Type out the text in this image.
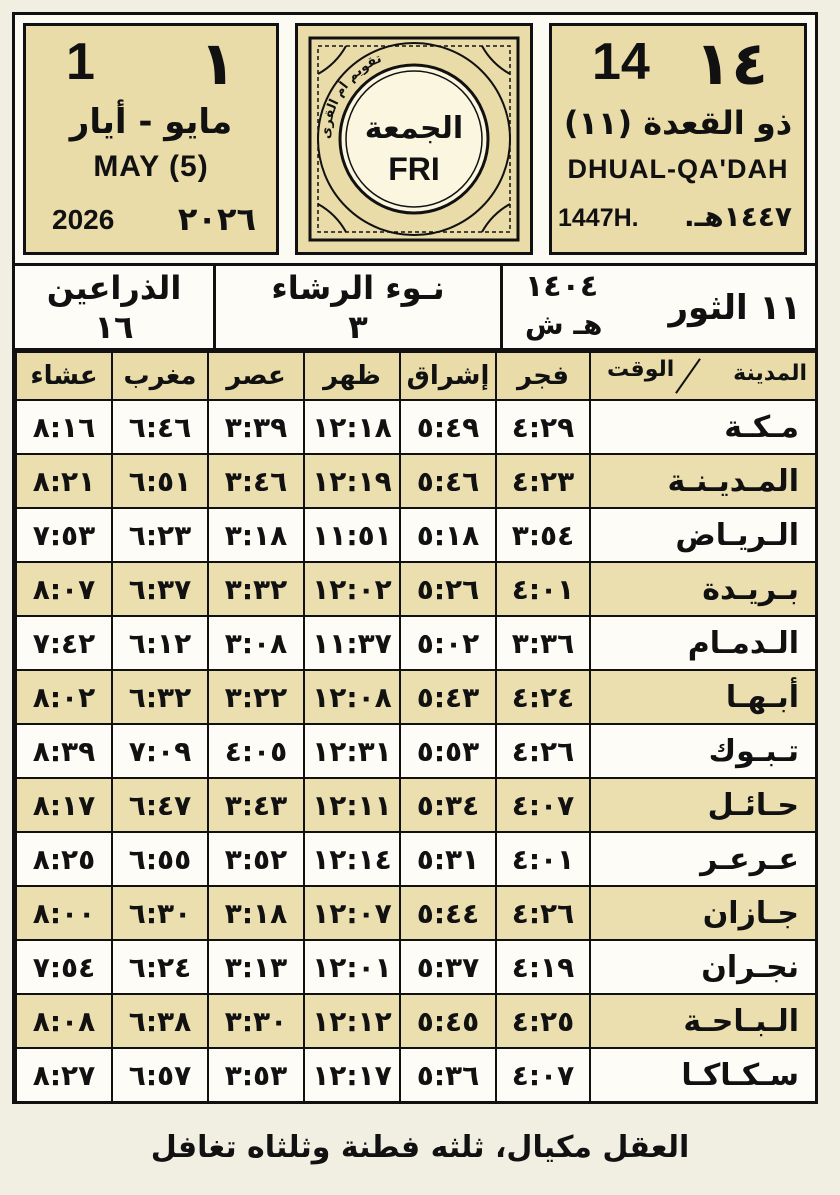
1 ١
مايو - أيار
MAY (5)
2026 ٢٠٢٦
تقويم أم القرى
الجمعة
FRI
14 ١٤
ذو القعدة (١١)
DHUAL-QA'DAH
1447H. ١٤٤٧هـ.
الذراعين
١٦
نـوء الرشاء
٣	١١ الثور
١٤٠٤
هـ ش
عشاء	مغرب	عصر	ظهر	إشراق	فجر	المدينة
الوقت

٨:١٦	٦:٤٦	٣:٣٩	١٢:١٨	٥:٤٩	٤:٢٩	مـكـة
٨:٢١	٦:٥١	٣:٤٦	١٢:١٩	٥:٤٦	٤:٢٣	المـديـنـة
٧:٥٣	٦:٢٣	٣:١٨	١١:٥١	٥:١٨	٣:٥٤	الـريـاض
٨:٠٧	٦:٣٧	٣:٣٢	١٢:٠٢	٥:٢٦	٤:٠١	بـريـدة
٧:٤٢	٦:١٢	٣:٠٨	١١:٣٧	٥:٠٢	٣:٣٦	الـدمـام
٨:٠٢	٦:٣٢	٣:٢٢	١٢:٠٨	٥:٤٣	٤:٢٤	أبـهـا
٨:٣٩	٧:٠٩	٤:٠٥	١٢:٣١	٥:٥٣	٤:٢٦	تـبـوك
٨:١٧	٦:٤٧	٣:٤٣	١٢:١١	٥:٣٤	٤:٠٧	حـائـل
٨:٢٥	٦:٥٥	٣:٥٢	١٢:١٤	٥:٣١	٤:٠١	عـرعـر
٨:٠٠	٦:٣٠	٣:١٨	١٢:٠٧	٥:٤٤	٤:٢٦	جـازان
٧:٥٤	٦:٢٤	٣:١٣	١٢:٠١	٥:٣٧	٤:١٩	نجـران
٨:٠٨	٦:٣٨	٣:٣٠	١٢:١٢	٥:٤٥	٤:٢٥	الـبـاحـة
٨:٢٧	٦:٥٧	٣:٥٣	١٢:١٧	٥:٣٦	٤:٠٧	سـكـاكـا
العقل مكيال، ثلثه فطنة وثلثاه تغافل
